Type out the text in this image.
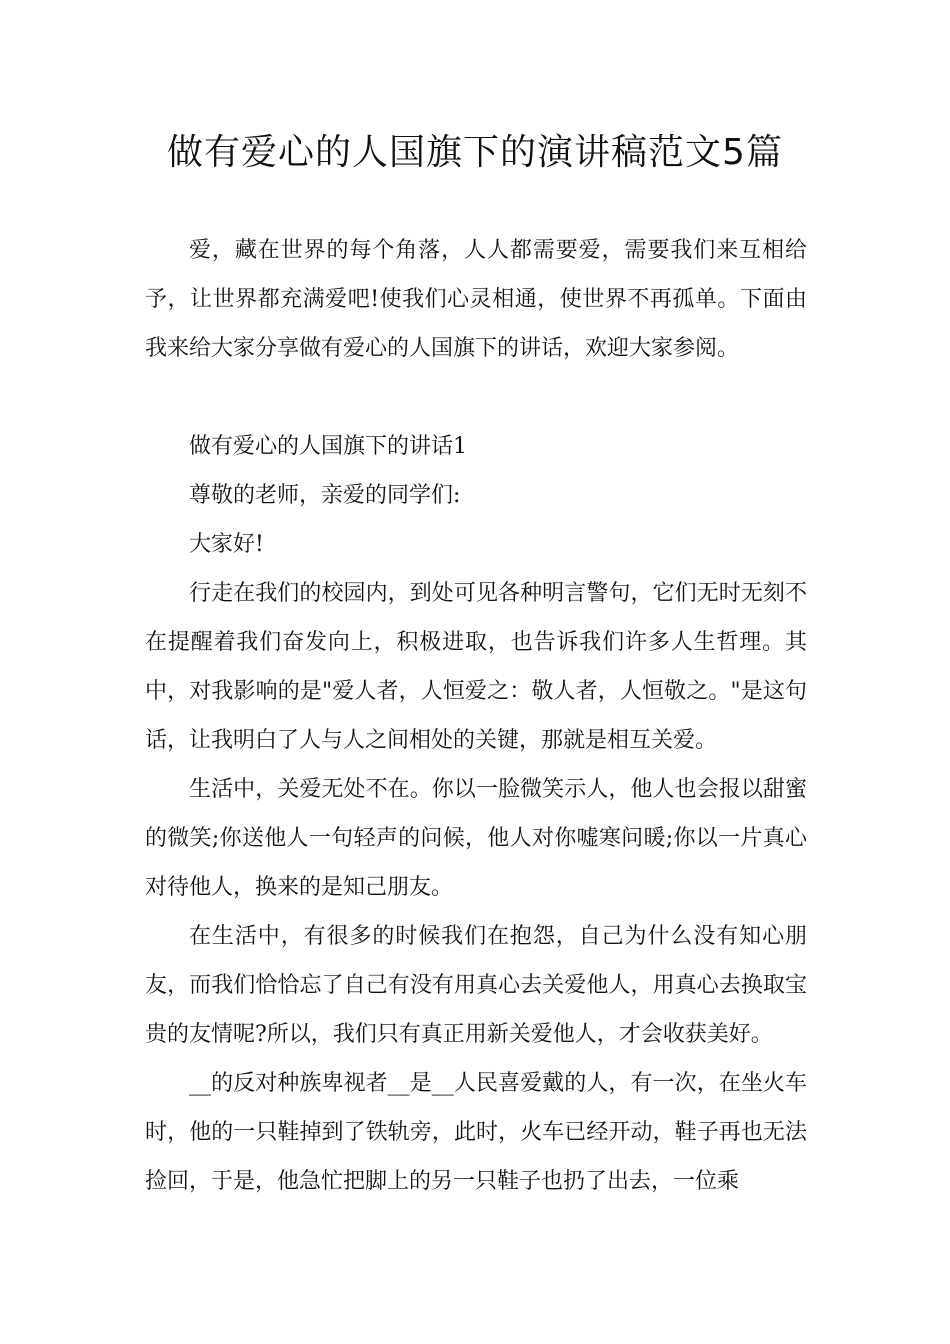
做有爱心的人国旗下的演讲稿范文5篇

爱，藏在世界的每个角落，人人都需要爱，需要我们来互相给予，让世界都充满爱吧!使我们心灵相通，使世界不再孤单。下面由我来给大家分享做有爱心的人国旗下的讲话，欢迎大家参阅。

做有爱心的人国旗下的讲话1

尊敬的老师，亲爱的同学们:

大家好!

行走在我们的校园内，到处可见各种明言警句，它们无时无刻不在提醒着我们奋发向上，积极进取，也告诉我们许多人生哲理。其中，对我影响的是"爱人者，人恒爱之：敬人者，人恒敬之。"是这句话，让我明白了人与人之间相处的关键，那就是相互关爱。

生活中，关爱无处不在。你以一脸微笑示人，他人也会报以甜蜜的微笑;你送他人一句轻声的问候，他人对你嘘寒问暖;你以一片真心对待他人，换来的是知己朋友。

在生活中，有很多的时候我们在抱怨，自己为什么没有知心朋友，而我们恰恰忘了自己有没有用真心去关爱他人，用真心去换取宝贵的友情呢?所以，我们只有真正用新关爱他人，才会收获美好。

__的反对种族卑视者__是__人民喜爱戴的人，有一次，在坐火车时，他的一只鞋掉到了铁轨旁，此时，火车已经开动，鞋子再也无法捡回，于是，他急忙把脚上的另一只鞋子也扔了出去，一位乘
